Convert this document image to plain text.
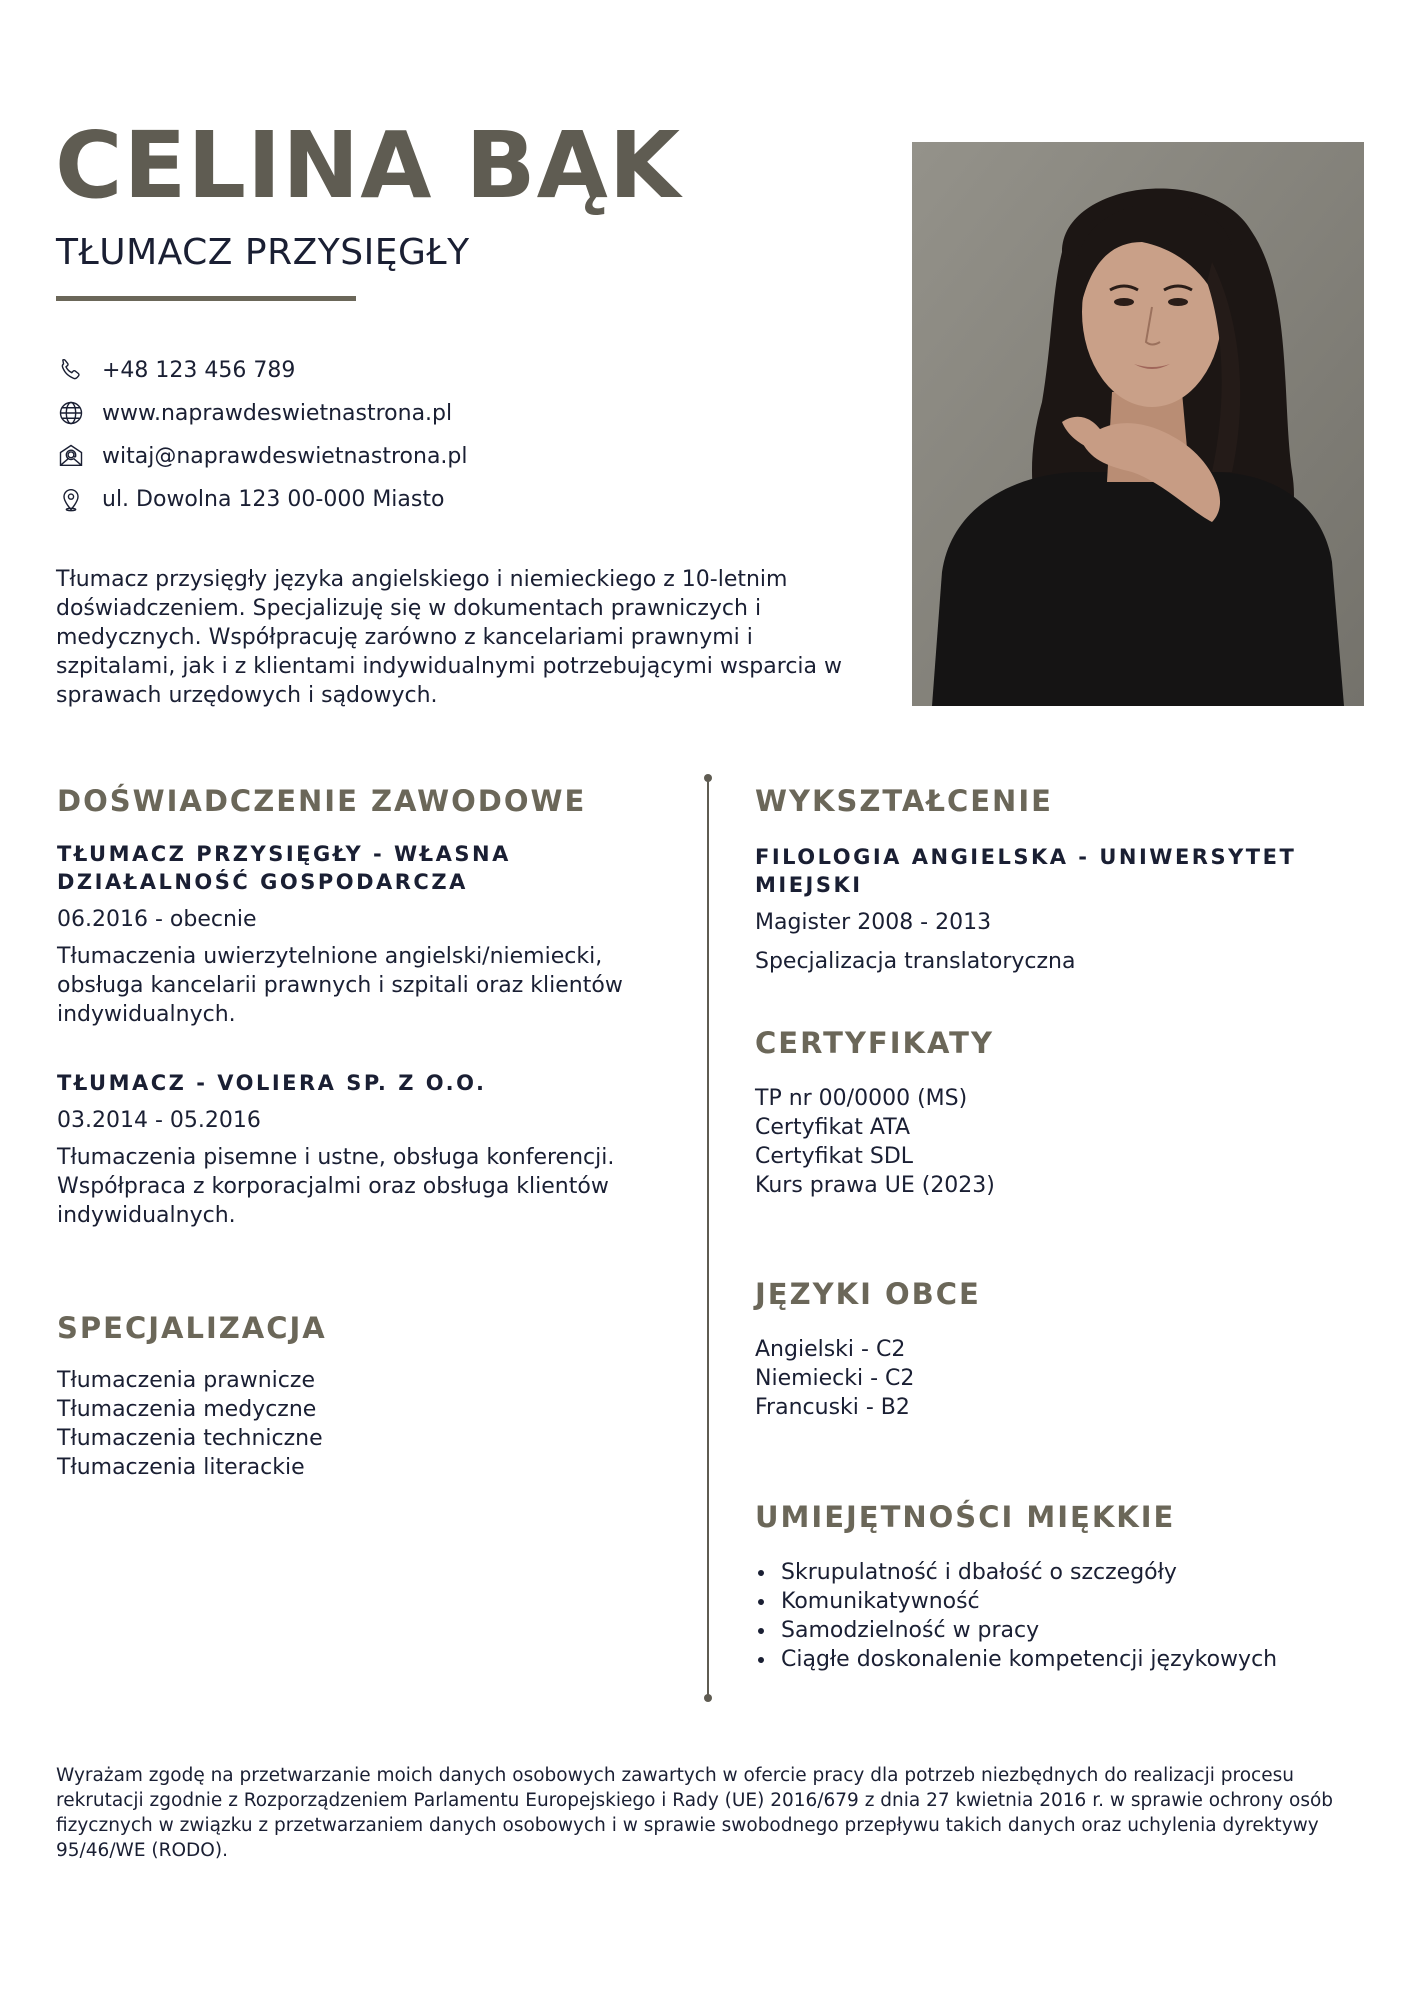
CELINA BĄK
TŁUMACZ PRZYSIĘGŁY
+48 123 456 789
www.naprawdeswietnastrona.pl
witaj@naprawdeswietnastrona.pl
ul. Dowolna 123 00-000 Miasto
Tłumacz przysięgły języka angielskiego i niemieckiego z 10-letnim doświadczeniem. Specjalizuję się w dokumentach prawniczych i medycznych. Współpracuję zarówno z kancelariami prawnymi i szpitalami, jak i z klientami indywidualnymi potrzebującymi wsparcia w sprawach urzędowych i sądowych.
DOŚWIADCZENIE ZAWODOWE
TŁUMACZ PRZYSIĘGŁY - WŁASNA DZIAŁALNOŚĆ GOSPODARCZA
06.2016 - obecnie
Tłumaczenia uwierzytelnione angielski/niemiecki, obsługa kancelarii prawnych i szpitali oraz klientów indywidualnych.
TŁUMACZ - VOLIERA SP. Z O.O.
03.2014 - 05.2016
Tłumaczenia pisemne i ustne, obsługa konferencji. Współpraca z korporacjalmi oraz obsługa klientów indywidualnych.
SPECJALIZACJA
Tłumaczenia prawnicze
Tłumaczenia medyczne
Tłumaczenia techniczne
Tłumaczenia literackie
WYKSZTAŁCENIE
FILOLOGIA ANGIELSKA - UNIWERSYTET MIEJSKI
Magister 2008 - 2013
Specjalizacja translatoryczna
CERTYFIKATY
TP nr 00/0000 (MS)
Certyfikat ATA
Certyfikat SDL
Kurs prawa UE (2023)
JĘZYKI OBCE
Angielski - C2
Niemiecki - C2
Francuski - B2
UMIEJĘTNOŚCI MIĘKKIE
• Skrupulatność i dbałość o szczegóły
• Komunikatywność
• Samodzielność w pracy
• Ciągłe doskonalenie kompetencji językowych
Wyrażam zgodę na przetwarzanie moich danych osobowych zawartych w ofercie pracy dla potrzeb niezbędnych do realizacji procesu rekrutacji zgodnie z Rozporządzeniem Parlamentu Europejskiego i Rady (UE) 2016/679 z dnia 27 kwietnia 2016 r. w sprawie ochrony osób fizycznych w związku z przetwarzaniem danych osobowych i w sprawie swobodnego przepływu takich danych oraz uchylenia dyrektywy 95/46/WE (RODO).
